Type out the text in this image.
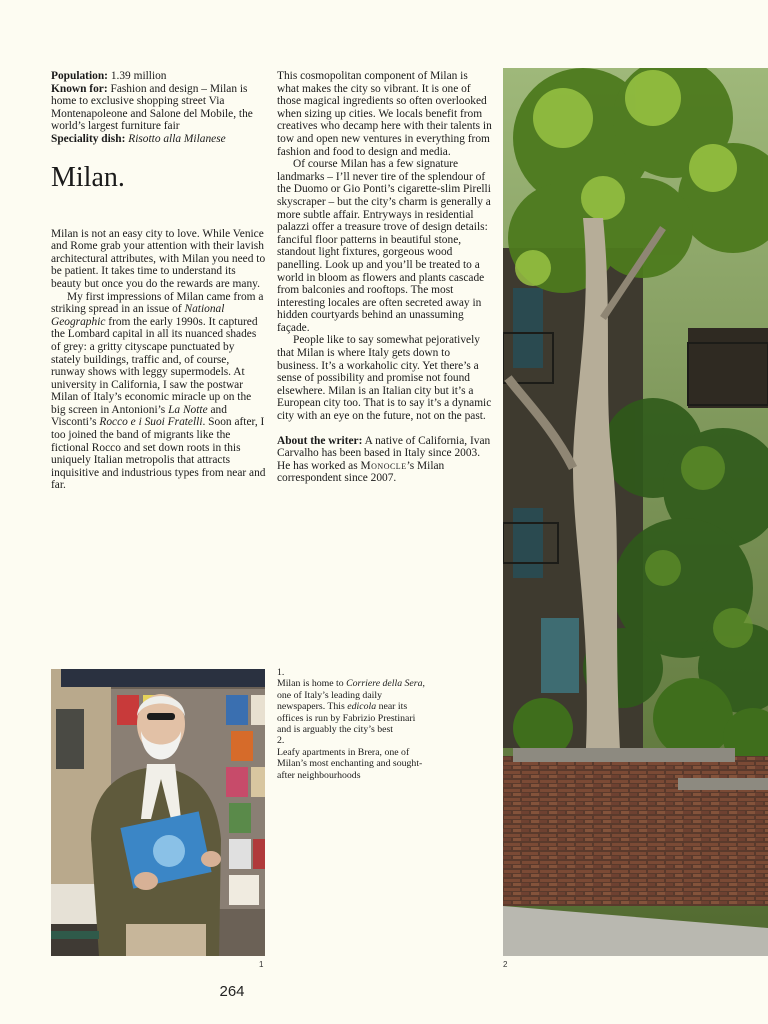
Population: 1.39 million

Known for: Fashion and design – Milan is home to exclusive shopping street Via Montenapoleone and Salone del Mobile, the world’s largest furniture fair

Speciality dish: Risotto alla Milanese

Milan.

Milan is not an easy city to love. While Venice and Rome grab your attention with their lavish architectural attributes, with Milan you need to be patient. It takes time to understand its beauty but once you do the rewards are many.

My first impressions of Milan came from a striking spread in an issue of National Geographic from the early 1990s. It captured the Lombard capital in all its nuanced shades of grey: a gritty cityscape punctuated by stately buildings, traffic and, of course, runway shows with leggy supermodels. At university in California, I saw the postwar Milan of Italy’s economic miracle up on the big screen in Antonioni’s La Notte and Visconti’s Rocco e i Suoi Fratelli. Soon after, I too joined the band of migrants like the fictional Rocco and set down roots in this uniquely Italian metropolis that attracts inquisitive and industrious types from near and far.

This cosmopolitan component of Milan is what makes the city so vibrant. It is one of those magical ingredients so often overlooked when sizing up cities. We locals benefit from creatives who decamp here with their talents in tow and open new ventures in everything from fashion and food to design and media.

Of course Milan has a few signature landmarks – I’ll never tire of the splendour of the Duomo or Gio Ponti’s cigarette-slim Pirelli skyscraper – but the city’s charm is generally a more subtle affair. Entryways in residential palazzi offer a treasure trove of design details: fanciful floor patterns in beautiful stone, standout light fixtures, gorgeous wood panelling. Look up and you’ll be treated to a world in bloom as flowers and plants cascade from balconies and rooftops. The most interesting locales are often secreted away in hidden courtyards behind an unassuming façade.

People like to say somewhat pejoratively that Milan is where Italy gets down to business. It’s a workaholic city. Yet there’s a sense of possibility and promise not found elsewhere. Milan is an Italian city but it’s a European city too. That is to say it’s a dynamic city with an eye on the future, not on the past.

About the writer: A native of California, Ivan Carvalho has been based in Italy since 2003. He has worked as Monocle’s Milan correspondent since 2007.

1.

Milan is home to Corriere della Sera, one of Italy’s leading daily newspapers. This edicola near its offices is run by Fabrizio Prestinari and is arguably the city’s best

2.

Leafy apartments in Brera, one of Milan’s most enchanting and sought-after neighbourhoods

1	2
264
